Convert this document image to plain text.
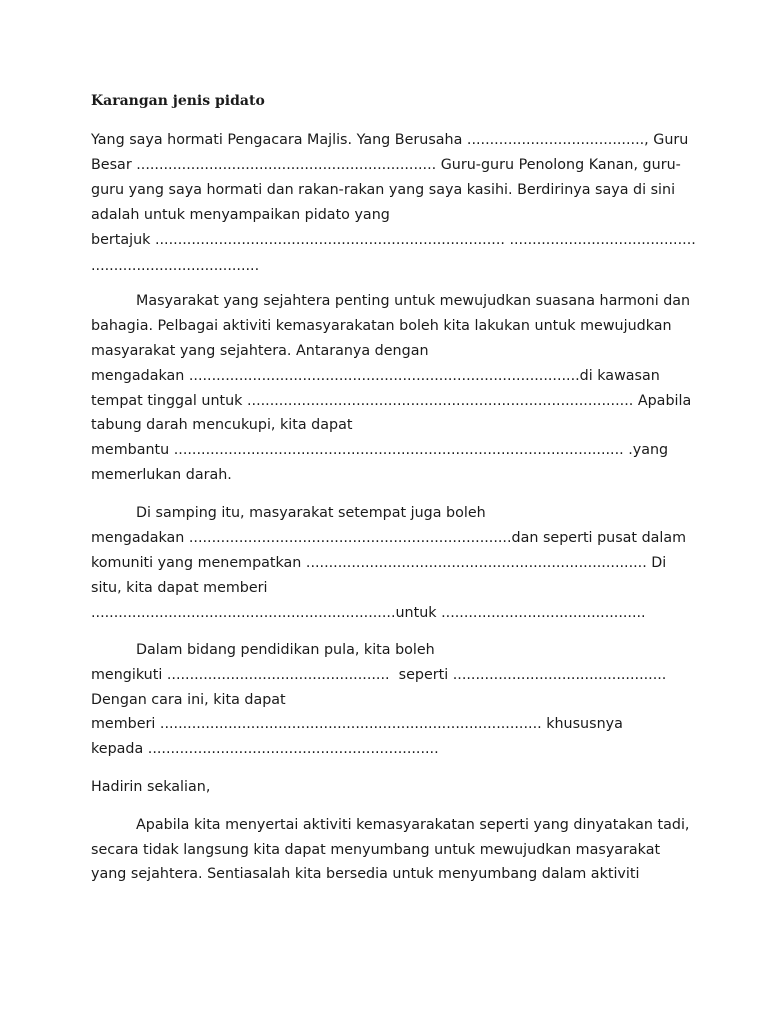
Karangan jenis pidato
Yang saya hormati Pengacara Majlis. Yang Berusaha ......................................., Guru
Besar .................................................................. Guru-guru Penolong Kanan, guru-
guru yang saya hormati dan rakan-rakan yang saya kasihi. Berdirinya saya di sini
adalah untuk menyampaikan pidato yang
bertajuk ............................................................................. .........................................
.....................................
Masyarakat yang sejahtera penting untuk mewujudkan suasana harmoni dan
bahagia. Pelbagai aktiviti kemasyarakatan boleh kita lakukan untuk mewujudkan
masyarakat yang sejahtera. Antaranya dengan
mengadakan ......................................................................................di kawasan
tempat tinggal untuk ..................................................................................... Apabila
tabung darah mencukupi, kita dapat
membantu ................................................................................................... .yang
memerlukan darah.
Di samping itu, masyarakat setempat juga boleh
mengadakan .......................................................................dan seperti pusat dalam
komuniti yang menempatkan ........................................................................... Di
situ, kita dapat memberi
...................................................................untuk .............................................
Dalam bidang pendidikan pula, kita boleh
mengikuti .................................................  seperti ...............................................
Dengan cara ini, kita dapat
memberi .................................................................................... khususnya
kepada ................................................................
Hadirin sekalian,
Apabila kita menyertai aktiviti kemasyarakatan seperti yang dinyatakan tadi,
secara tidak langsung kita dapat menyumbang untuk mewujudkan masyarakat
yang sejahtera. Sentiasalah kita bersedia untuk menyumbang dalam aktiviti
